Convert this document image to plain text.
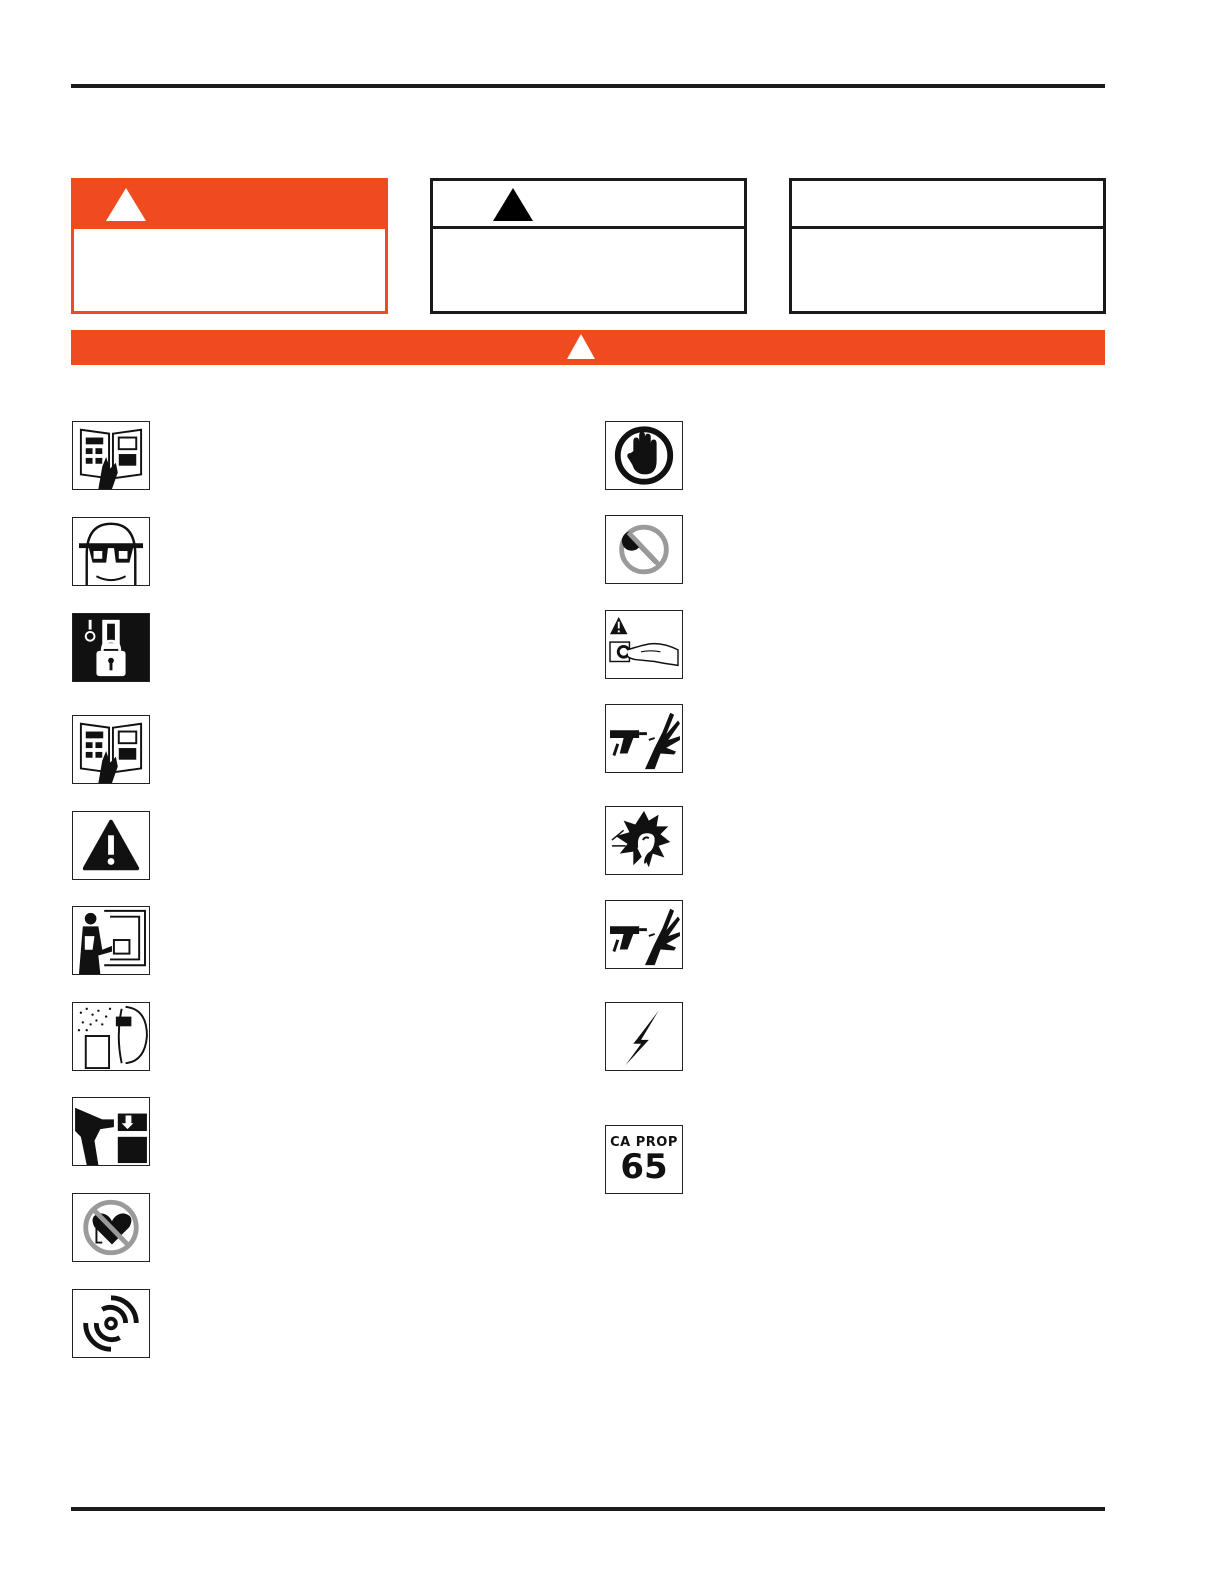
CA PROP
65
